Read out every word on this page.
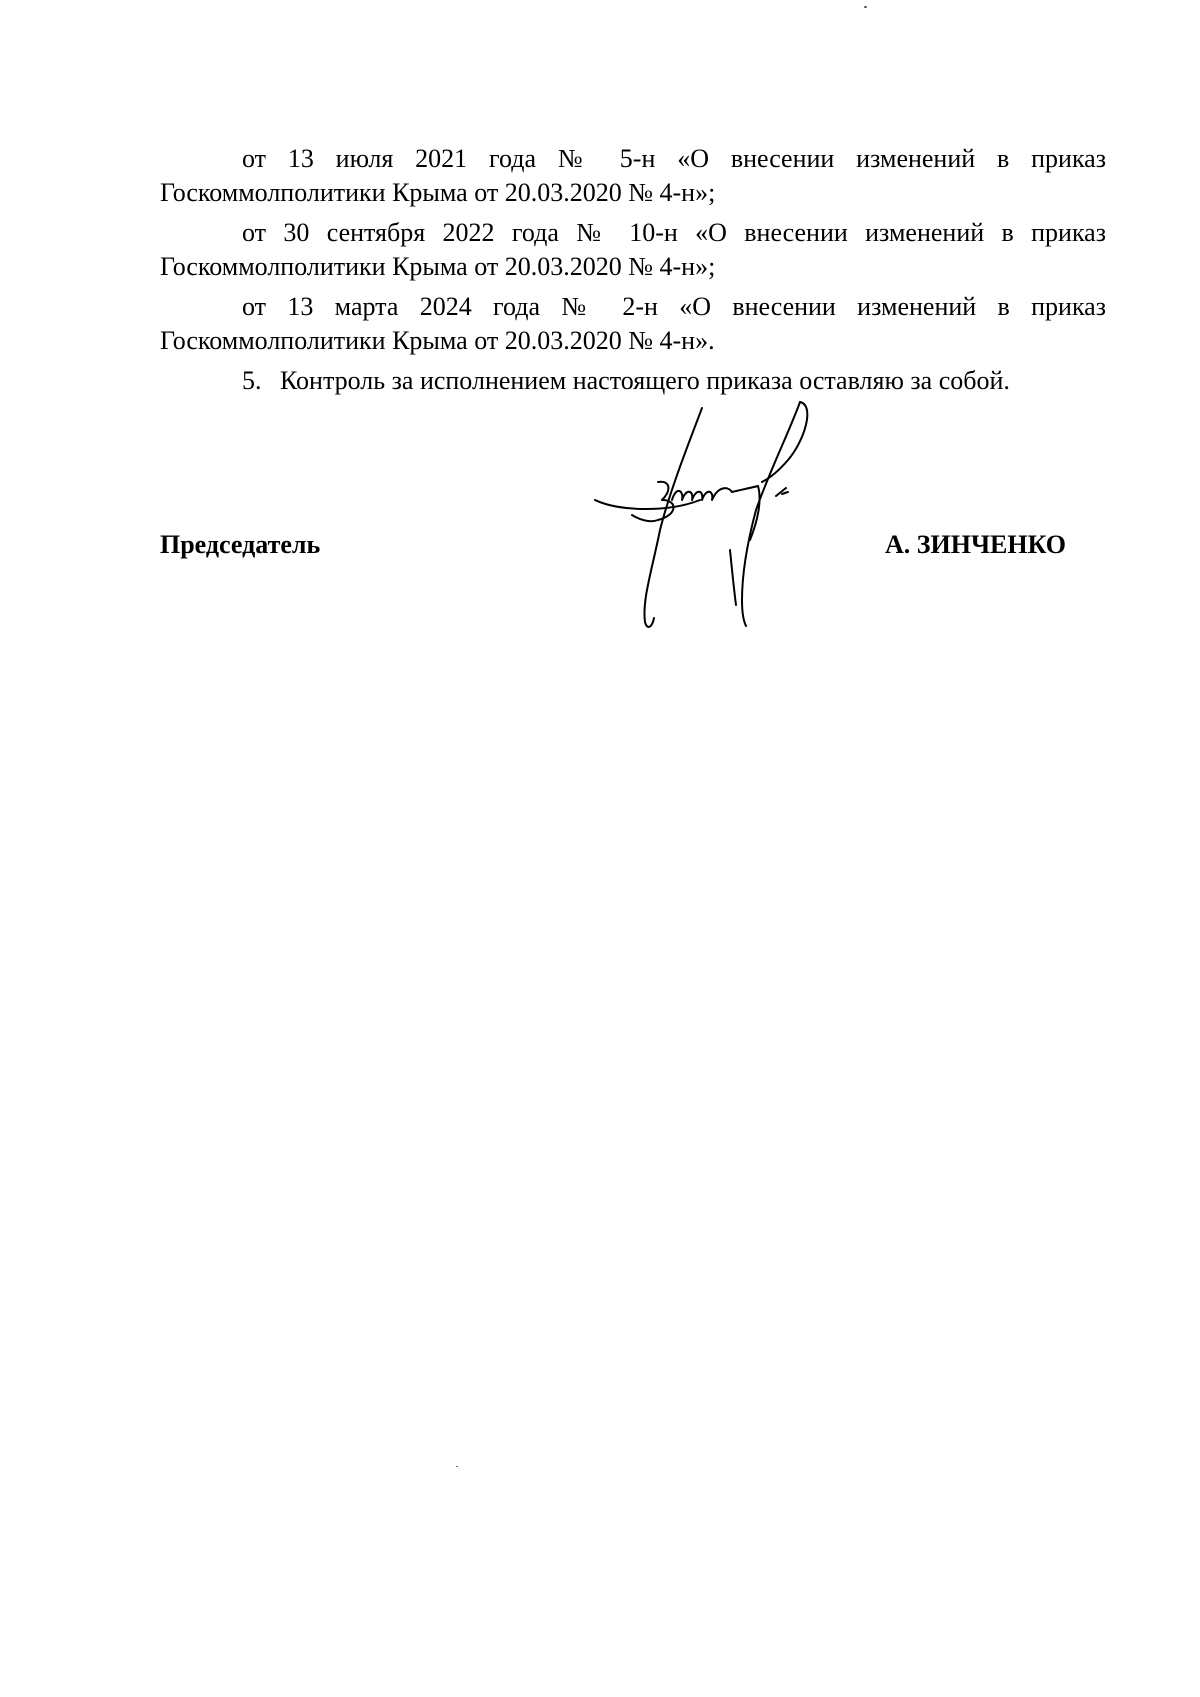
от 13 июля 2021 года № 5-н «О внесении изменений в приказ Госкоммолполитики Крыма от 20.03.2020 № 4-н»;
от 30 сентября 2022 года № 10-н «О внесении изменений в приказ Госкоммолполитики Крыма от 20.03.2020 № 4-н»;
от 13 марта 2024 года № 2-н «О внесении изменений в приказ Госкоммолполитики Крыма от 20.03.2020 № 4-н».
5. Контроль за исполнением настоящего приказа оставляю за собой.
Председатель	А. ЗИНЧЕНКО
